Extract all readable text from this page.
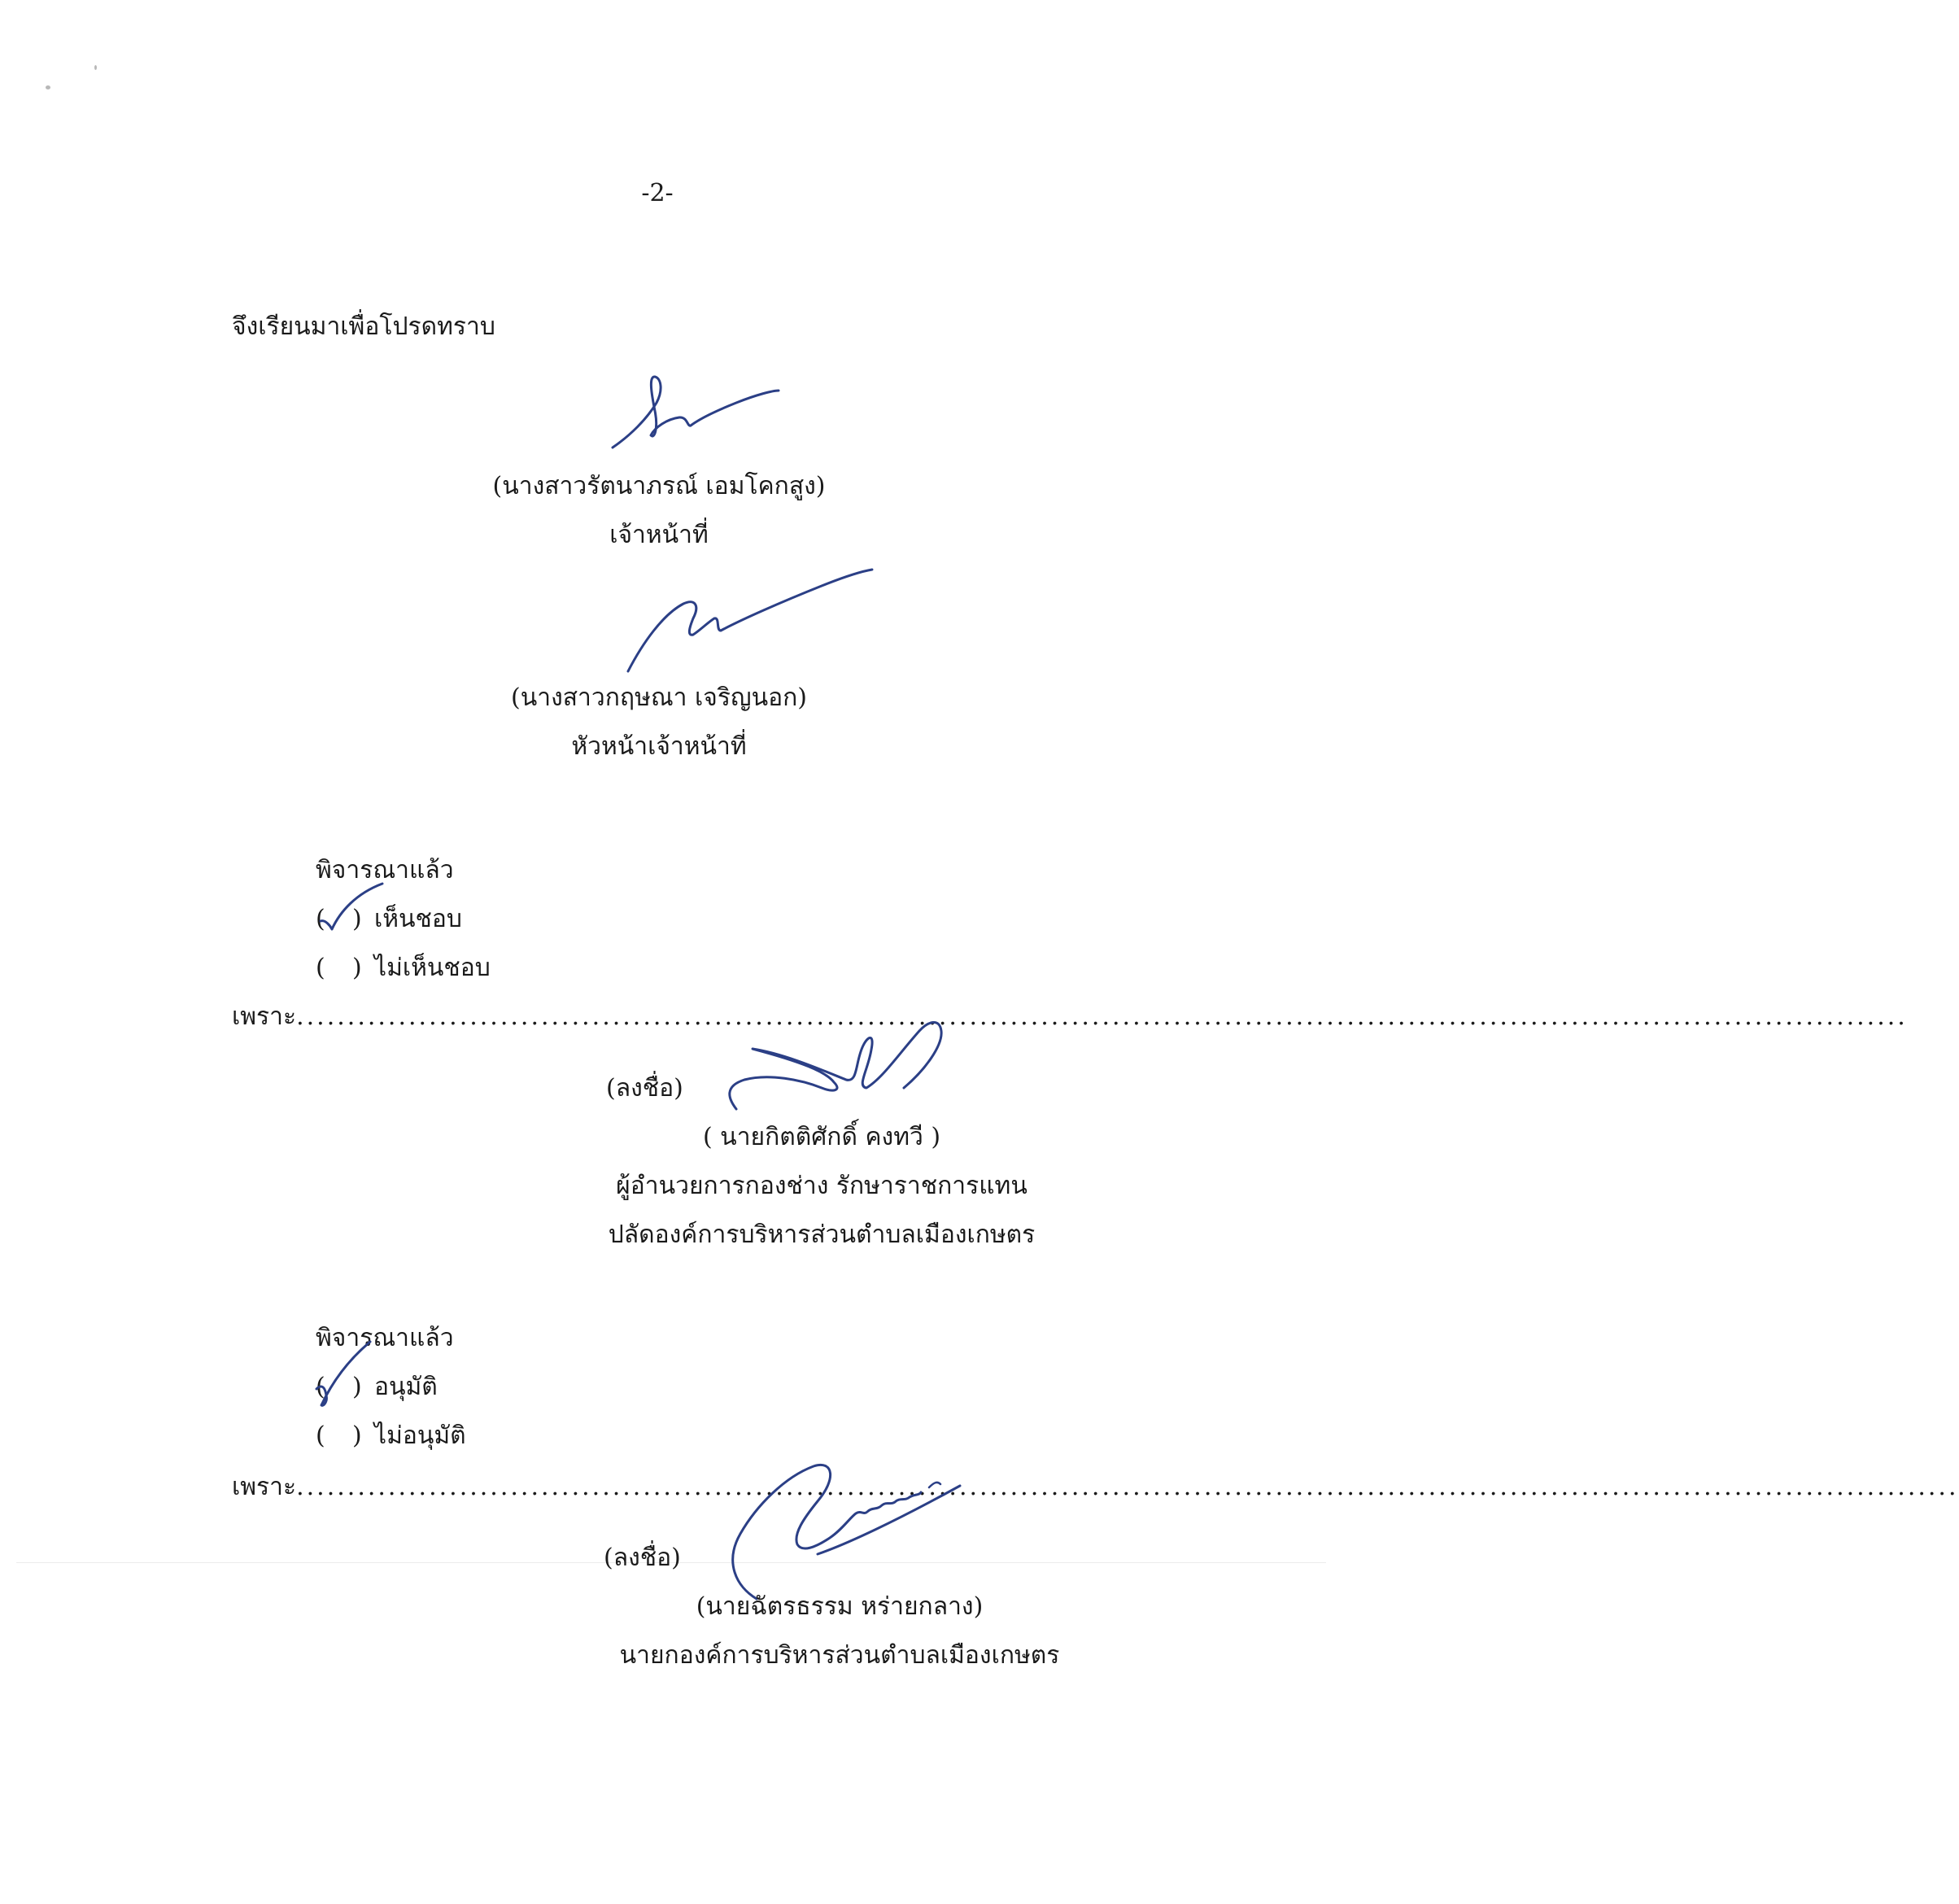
-2-
จึงเรียนมาเพื่อโปรดทราบ
(นางสาวรัตนาภรณ์ เอมโคกสูง)
เจ้าหน้าที่
(นางสาวกฤษณา เจริญนอก)
หัวหน้าเจ้าหน้าที่
พิจารณาแล้ว
( ) เห็นชอบ
( ) ไม่เห็นชอบ
เพราะ..............................................................................................................................................................
(ลงชื่อ)
( นายกิตติศักดิ์ คงทวี )
ผู้อำนวยการกองช่าง รักษาราชการแทน
ปลัดองค์การบริหารส่วนตำบลเมืองเกษตร
พิจารณาแล้ว
( ) อนุมัติ
( ) ไม่อนุมัติ
เพราะ...................................................................................................................................................................
(ลงชื่อ)
(นายฉัตรธรรม หร่ายกลาง)
นายกองค์การบริหารส่วนตำบลเมืองเกษตร
